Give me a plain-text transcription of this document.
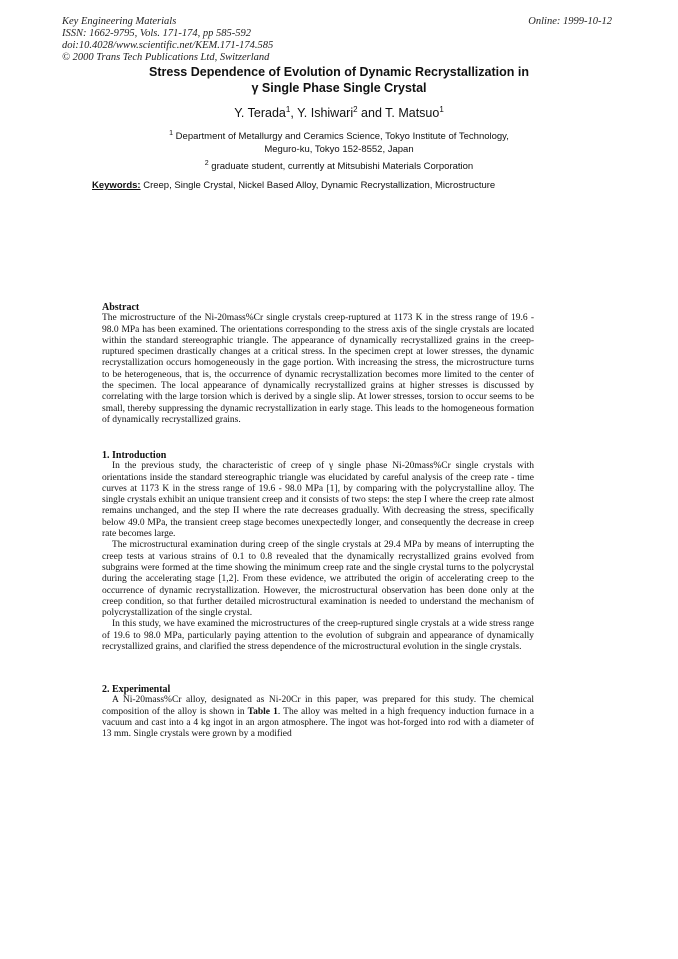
Key Engineering Materials
ISSN: 1662-9795, Vols. 171-174, pp 585-592
doi:10.4028/www.scientific.net/KEM.171-174.585
© 2000 Trans Tech Publications Ltd, Switzerland
Online: 1999-10-12
Stress Dependence of Evolution of Dynamic Recrystallization in
γ Single Phase Single Crystal
Y. Terada$^1$, Y. Ishiwari$^2$ and T. Matsuo$^1$
$^1$ Department of Metallurgy and Ceramics Science, Tokyo Institute of Technology,
Meguro-ku, Tokyo 152-8552, Japan
$^2$ graduate student, currently at Mitsubishi Materials Corporation
Keywords: Creep, Single Crystal, Nickel Based Alloy, Dynamic Recrystallization, Microstructure

Abstract

The microstructure of the Ni-20mass%Cr single crystals creep-ruptured at 1173 K in the stress range of 19.6 - 98.0 MPa has been examined. The orientations corresponding to the stress axis of the single crystals are located within the standard stereographic triangle. The appearance of dynamically recrystallized grains in the creep-ruptured specimen drastically changes at a critical stress. In the specimen crept at lower stresses, the dynamic recrystallization occurs homogeneously in the gage portion. With increasing the stress, the microstructure turns to be heterogeneous, that is, the occurrence of dynamic recrystallization becomes more limited to the center of the specimen. The local appearance of dynamically recrystallized grains at higher stresses is discussed by correlating with the large torsion which is derived by a single slip. At lower stresses, torsion to occur seems to be small, thereby suppressing the dynamic recrystallization in early stage. This leads to the homogeneous formation of dynamically recrystallized grains.

1. Introduction

In the previous study, the characteristic of creep of γ single phase Ni-20mass%Cr single crystals with orientations inside the standard stereographic triangle was elucidated by careful analysis of the creep rate - time curves at 1173 K in the stress range of 19.6 - 98.0 MPa [1], by comparing with the polycrystalline alloy. The single crystals exhibit an unique transient creep and it consists of two steps: the step I where the creep rate almost remains unchanged, and the step II where the rate decreases gradually. With decreasing the stress, specifically below 49.0 MPa, the transient creep stage becomes unexpectedly longer, and consequently the decrease in creep rate becomes large.

The microstructural examination during creep of the single crystals at 29.4 MPa by means of interrupting the creep tests at various strains of 0.1 to 0.8 revealed that the dynamically recrystallized grains evolved from subgrains were formed at the time showing the minimum creep rate and the single crystal turns to the polycrystal during the accelerating stage [1,2]. From these evidence, we attributed the origin of accelerating creep to the occurrence of dynamic recrystallization. However, the microstructural observation has been done only at the creep condition, so that further detailed microstructural examination is needed to understand the mechanism of polycrystallization of the single crystal.

In this study, we have examined the microstructures of the creep-ruptured single crystals at a wide stress range of 19.6 to 98.0 MPa, particularly paying attention to the evolution of subgrain and appearance of dynamically recrystallized grains, and clarified the stress dependence of the microstructural evolution in the single crystals.

2. Experimental

A Ni-20mass%Cr alloy, designated as Ni-20Cr in this paper, was prepared for this study. The chemical composition of the alloy is shown in Table 1. The alloy was melted in a high frequency induction furnace in a vacuum and cast into a 4 kg ingot in an argon atmosphere. The ingot was hot-forged into rod with a diameter of 13 mm. Single crystals were grown by a modified
